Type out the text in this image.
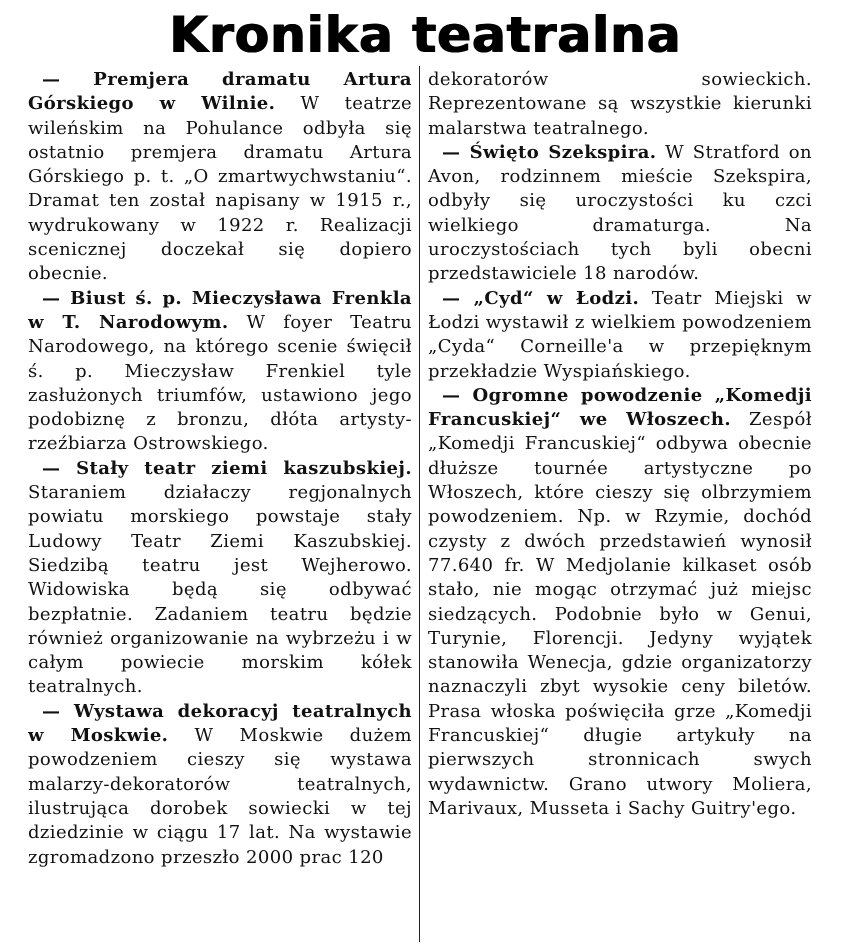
Kronika teatralna

— Premjera dramatu Artura Górskiego w Wilnie. W teatrze wileńskim na Pohulance odbyła się ostatnio premjera dramatu Artura Górskiego p. t. „O zmartwychwstaniu“. Dramat ten został napisany w 1915 r., wydrukowany w 1922 r. Realizacji scenicznej doczekał się dopiero obecnie.

— Biust ś. p. Mieczysława Frenkla w T. Narodowym. W foyer Teatru Narodowego, na którego scenie święcił ś. p. Mieczysław Frenkiel tyle zasłużonych triumfów, ustawiono jego podobiznę z bronzu, dłóta artysty-rzeźbiarza Ostrowskiego.

— Stały teatr ziemi kaszubskiej. Staraniem działaczy regjonalnych powiatu morskiego powstaje stały Ludowy Teatr Ziemi Kaszubskiej. Siedzibą teatru jest Wejherowo. Widowiska będą się odbywać bezpłatnie. Zadaniem teatru będzie również organizowanie na wybrzeżu i w całym powiecie morskim kółek teatralnych.

— Wystawa dekoracyj teatralnych w Moskwie. W Moskwie dużem powodzeniem cieszy się wystawa malarzy-dekoratorów teatralnych, ilustrująca dorobek sowiecki w tej dziedzinie w ciągu 17 lat. Na wystawie zgromadzono przeszło 2000 prac 120

dekoratorów sowieckich. Reprezentowane są wszystkie kierunki malarstwa teatralnego.

— Święto Szekspira. W Stratford on Avon, rodzinnem mieście Szekspira, odbyły się uroczystości ku czci wielkiego dramaturga. Na uroczystościach tych byli obecni przedstawiciele 18 narodów.

— „Cyd“ w Łodzi. Teatr Miejski w Łodzi wystawił z wielkiem powodzeniem „Cyda“ Corneille'a w przepięknym przekładzie Wyspiańskiego.

— Ogromne powodzenie „Komedji Francuskiej“ we Włoszech. Zespół „Komedji Francuskiej“ odbywa obecnie dłuższe tournée artystyczne po Włoszech, które cieszy się olbrzymiem powodzeniem. Np. w Rzymie, dochód czysty z dwóch przedstawień wynosił 77.640 fr. W Medjolanie kilkaset osób stało, nie mogąc otrzymać już miejsc siedzących. Podobnie było w Genui, Turynie, Florencji. Jedyny wyjątek stanowiła Wenecja, gdzie organizatorzy naznaczyli zbyt wysokie ceny biletów. Prasa włoska poświęciła grze „Komedji Francuskiej“ długie artykuły na pierwszych stronnicach swych wydawnictw. Grano utwory Moliera, Marivaux, Musseta i Sachy Guitry'ego.
